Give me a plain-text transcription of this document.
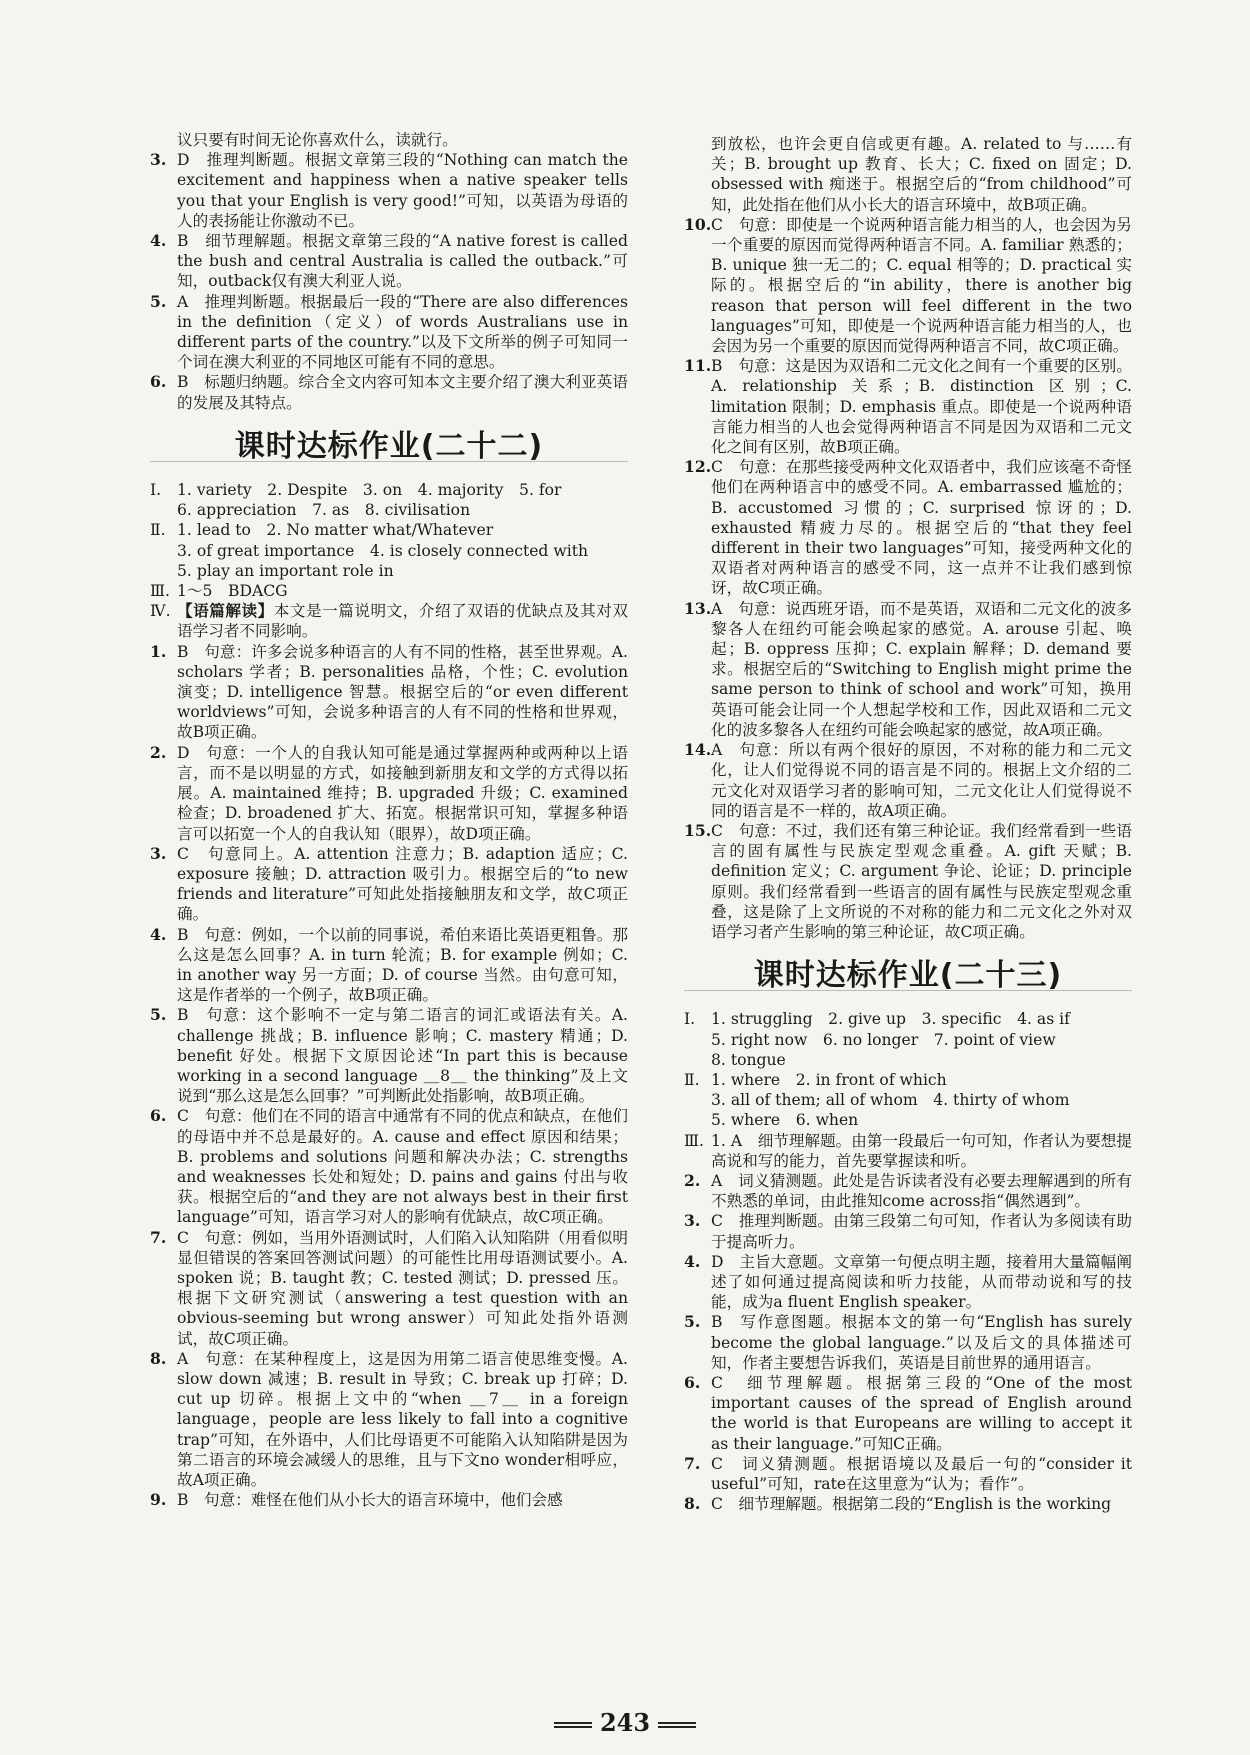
议只要有时间无论你喜欢什么，读就行。
3. D　推理判断题。根据文章第三段的“Nothing can match the excitement and happiness when a native speaker tells you that your English is very good!”可知，以英语为母语的人的表扬能让你激动不已。
4. B　细节理解题。根据文章第三段的“A native forest is called the bush and central Australia is called the outback.”可知，outback仅有澳大利亚人说。
5. A　推理判断题。根据最后一段的“There are also differences in the definition（定义）of words Australians use in different parts of the country.”以及下文所举的例子可知同一个词在澳大利亚的不同地区可能有不同的意思。
6. B　标题归纳题。综合全文内容可知本文主要介绍了澳大利亚英语的发展及其特点。
课时达标作业(二十二)
Ⅰ.	1. variety　2. Despite　3. on　4. majority　5. for
6. appreciation　7. as　8. civilisation
Ⅱ. 1. lead to　2. No matter what/Whatever
3. of great importance　4. is closely connected with
5. play an important role in
Ⅲ. 1～5　BDACG
Ⅳ. 【语篇解读】本文是一篇说明文，介绍了双语的优缺点及其对双语学习者不同影响。
1. B　句意：许多会说多种语言的人有不同的性格，甚至世界观。A. scholars 学者；B. personalities 品格，个性；C. evolution 演变；D. intelligence 智慧。根据空后的“or even different worldviews”可知，会说多种语言的人有不同的性格和世界观，故B项正确。
2. D　句意：一个人的自我认知可能是通过掌握两种或两种以上语言，而不是以明显的方式，如接触到新朋友和文学的方式得以拓展。A. maintained 维持；B. upgraded 升级；C. examined 检查；D. broadened 扩大、拓宽。根据常识可知，掌握多种语言可以拓宽一个人的自我认知（眼界），故D项正确。
3. C　句意同上。A. attention 注意力；B. adaption 适应；C. exposure 接触；D. attraction 吸引力。根据空后的“to new friends and literature”可知此处指接触朋友和文学，故C项正确。
4. B　句意：例如，一个以前的同事说，希伯来语比英语更粗鲁。那么这是怎么回事？A. in turn 轮流；B. for example 例如；C. in another way 另一方面；D. of course 当然。由句意可知，这是作者举的一个例子，故B项正确。
5. B　句意：这个影响不一定与第二语言的词汇或语法有关。A. challenge 挑战；B. influence 影响；C. mastery 精通；D. benefit 好处。根据下文原因论述“In part this is because working in a second language ＿8＿ the thinking”及上文说到“那么这是怎么回事？”可判断此处指影响，故B项正确。
6. C　句意：他们在不同的语言中通常有不同的优点和缺点，在他们的母语中并不总是最好的。A. cause and effect 原因和结果；B. problems and solutions 问题和解决办法；C. strengths and weaknesses 长处和短处；D. pains and gains 付出与收获。根据空后的“and they are not always best in their first language”可知，语言学习对人的影响有优缺点，故C项正确。
7. C　句意：例如，当用外语测试时，人们陷入认知陷阱（用看似明显但错误的答案回答测试问题）的可能性比用母语测试要小。A. spoken 说；B. taught 教；C. tested 测试；D. pressed 压。根据下文研究测试（answering a test question with an obvious-seeming but wrong answer）可知此处指外语测试，故C项正确。
8. A　句意：在某种程度上，这是因为用第二语言使思维变慢。A. slow down 减速；B. result in 导致；C. break up 打碎；D. cut up 切碎。根据上文中的“when ＿7＿ in a foreign language，people are less likely to fall into a cognitive trap”可知，在外语中，人们比母语更不可能陷入认知陷阱是因为第二语言的环境会减缓人的思维，且与下文no wonder相呼应，故A项正确。
9. B　句意：难怪在他们从小长大的语言环境中，他们会感
到放松，也许会更自信或更有趣。A. related to 与……有关；B. brought up 教育、长大；C. fixed on 固定；D. obsessed with 痴迷于。根据空后的“from childhood”可知，此处指在他们从小长大的语言环境中，故B项正确。
10.C　句意：即使是一个说两种语言能力相当的人，也会因为另一个重要的原因而觉得两种语言不同。A. familiar 熟悉的；B. unique 独一无二的；C. equal 相等的；D. practical 实际的。根据空后的“in ability，there is another big reason that person will feel different in the two languages”可知，即使是一个说两种语言能力相当的人，也会因为另一个重要的原因而觉得两种语言不同，故C项正确。
11.B　句意：这是因为双语和二元文化之间有一个重要的区别。A. relationship 关系；B. distinction 区别；C. limitation 限制；D. emphasis 重点。即使是一个说两种语言能力相当的人也会觉得两种语言不同是因为双语和二元文化之间有区别，故B项正确。
12.C　句意：在那些接受两种文化双语者中，我们应该毫不奇怪他们在两种语言中的感受不同。A. embarrassed 尴尬的；B. accustomed 习惯的；C. surprised 惊讶的；D. exhausted 精疲力尽的。根据空后的“that they feel different in their two languages”可知，接受两种文化的双语者对两种语言的感受不同，这一点并不让我们感到惊讶，故C项正确。
13.A　句意：说西班牙语，而不是英语，双语和二元文化的波多黎各人在纽约可能会唤起家的感觉。A. arouse 引起、唤起；B. oppress 压抑；C. explain 解释；D. demand 要求。根据空后的“Switching to English might prime the same person to think of school and work”可知，换用英语可能会让同一个人想起学校和工作，因此双语和二元文化的波多黎各人在纽约可能会唤起家的感觉，故A项正确。
14.A　句意：所以有两个很好的原因，不对称的能力和二元文化，让人们觉得说不同的语言是不同的。根据上文介绍的二元文化对双语学习者的影响可知，二元文化让人们觉得说不同的语言是不一样的，故A项正确。
15.C　句意：不过，我们还有第三种论证。我们经常看到一些语言的固有属性与民族定型观念重叠。A. gift 天赋；B. definition 定义；C. argument 争论、论证；D. principle 原则。我们经常看到一些语言的固有属性与民族定型观念重叠，这是除了上文所说的不对称的能力和二元文化之外对双语学习者产生影响的第三种论证，故C项正确。
课时达标作业(二十三)
Ⅰ.	1. struggling　2. give up　3. specific　4. as if
5. right now　6. no longer　7. point of view
8. tongue
Ⅱ. 1. where　2. in front of which
3. all of them; all of whom　4. thirty of whom
5. where　6. when
Ⅲ. 1. A　细节理解题。由第一段最后一句可知，作者认为要想提高说和写的能力，首先要掌握读和听。
2. A　词义猜测题。此处是告诉读者没有必要去理解遇到的所有不熟悉的单词，由此推知come across指“偶然遇到”。
3. C　推理判断题。由第三段第二句可知，作者认为多阅读有助于提高听力。
4. D　主旨大意题。文章第一句便点明主题，接着用大量篇幅阐述了如何通过提高阅读和听力技能，从而带动说和写的技能，成为a fluent English speaker。
5. B　写作意图题。根据本文的第一句“English has surely become the global language.”以及后文的具体描述可知，作者主要想告诉我们，英语是目前世界的通用语言。
6. C　细节理解题。根据第三段的“One of the most important causes of the spread of English around the world is that Europeans are willing to accept it as their language.”可知C正确。
7. C　词义猜测题。根据语境以及最后一句的“consider it useful”可知，rate在这里意为“认为；看作”。
8. C　细节理解题。根据第二段的“English is the working
243
